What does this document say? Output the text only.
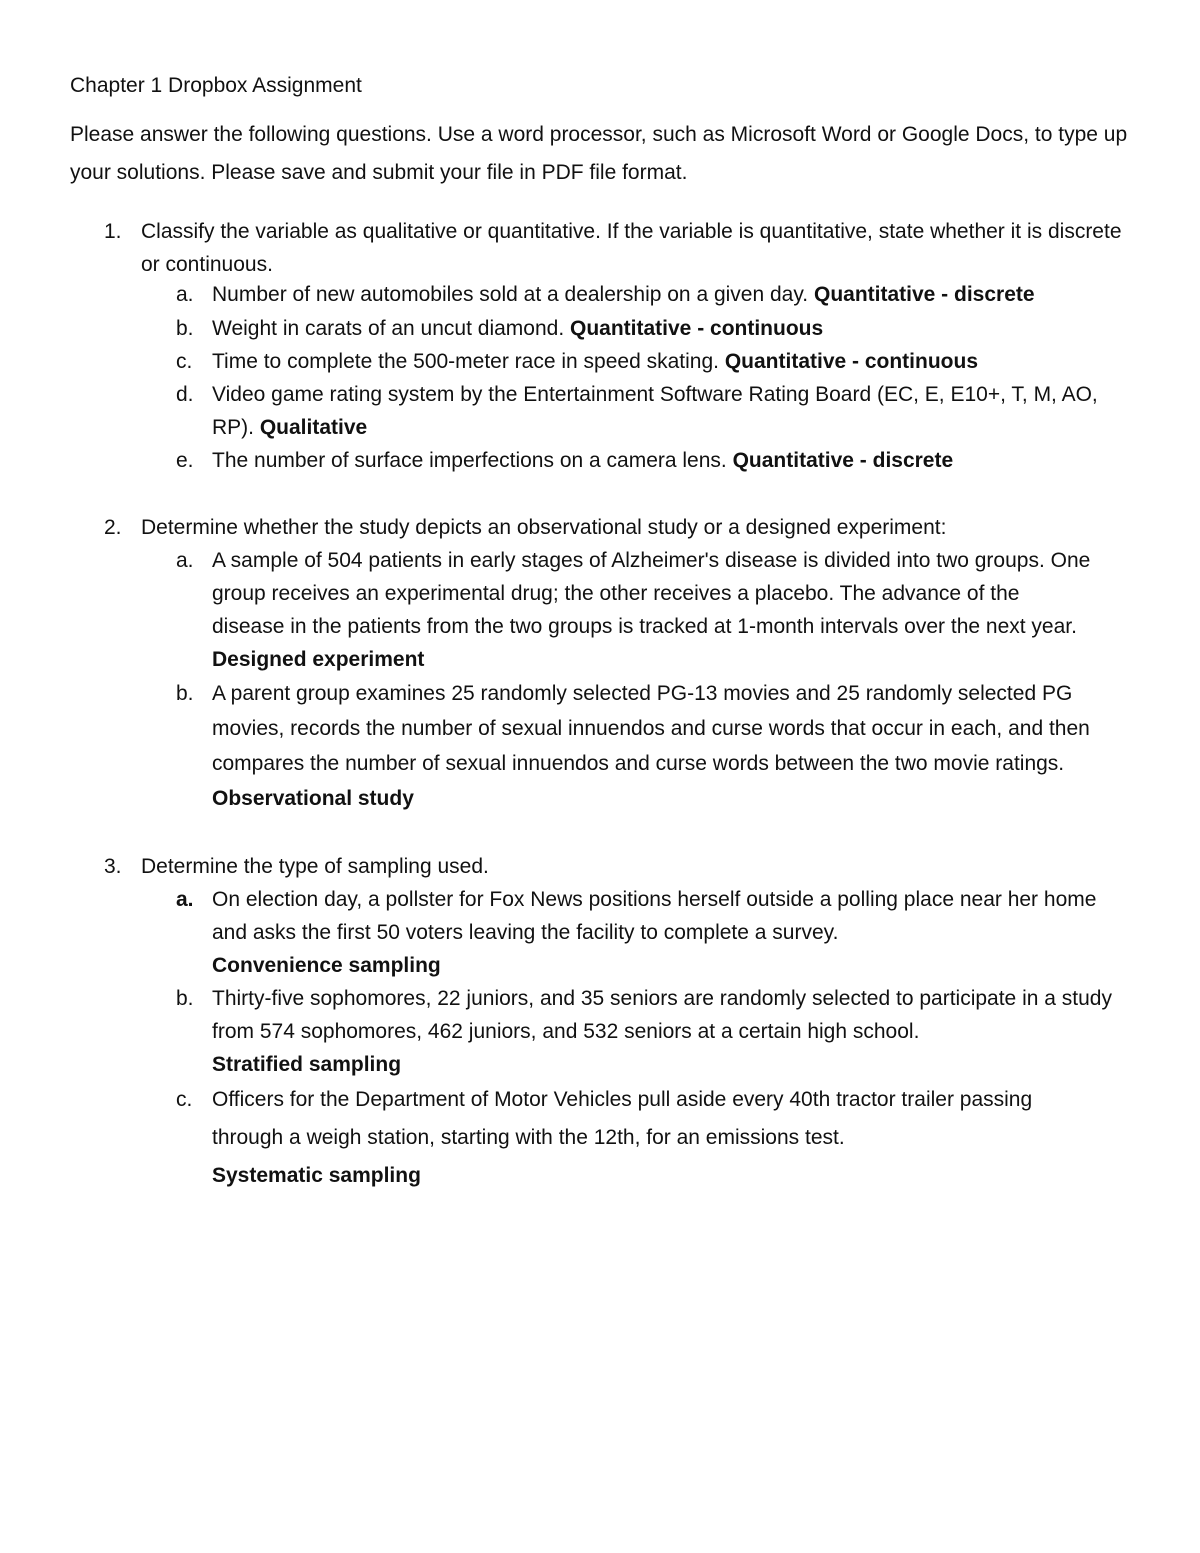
Chapter 1 Dropbox Assignment
Please answer the following questions. Use a word processor, such as Microsoft Word or Google Docs, to type up your solutions. Please save and submit your file in PDF file format.
1. Classify the variable as qualitative or quantitative. If the variable is quantitative, state whether it is discrete or continuous.
a. Number of new automobiles sold at a dealership on a given day. Quantitative - discrete
b. Weight in carats of an uncut diamond. Quantitative - continuous
c. Time to complete the 500-meter race in speed skating. Quantitative - continuous
d. Video game rating system by the Entertainment Software Rating Board (EC, E, E10+, T, M, AO, RP). Qualitative
e. The number of surface imperfections on a camera lens. Quantitative - discrete
2. Determine whether the study depicts an observational study or a designed experiment:
a. A sample of 504 patients in early stages of Alzheimer's disease is divided into two groups. One group receives an experimental drug; the other receives a placebo. The advance of the disease in the patients from the two groups is tracked at 1-month intervals over the next year. Designed experiment
b. A parent group examines 25 randomly selected PG-13 movies and 25 randomly selected PG movies, records the number of sexual innuendos and curse words that occur in each, and then compares the number of sexual innuendos and curse words between the two movie ratings. Observational study
3. Determine the type of sampling used.
a. On election day, a pollster for Fox News positions herself outside a polling place near her home and asks the first 50 voters leaving the facility to complete a survey.
Convenience sampling
b. Thirty-five sophomores, 22 juniors, and 35 seniors are randomly selected to participate in a study from 574 sophomores, 462 juniors, and 532 seniors at a certain high school.
Stratified sampling
c. Officers for the Department of Motor Vehicles pull aside every 40th tractor trailer passing through a weigh station, starting with the 12th, for an emissions test.
Systematic sampling
